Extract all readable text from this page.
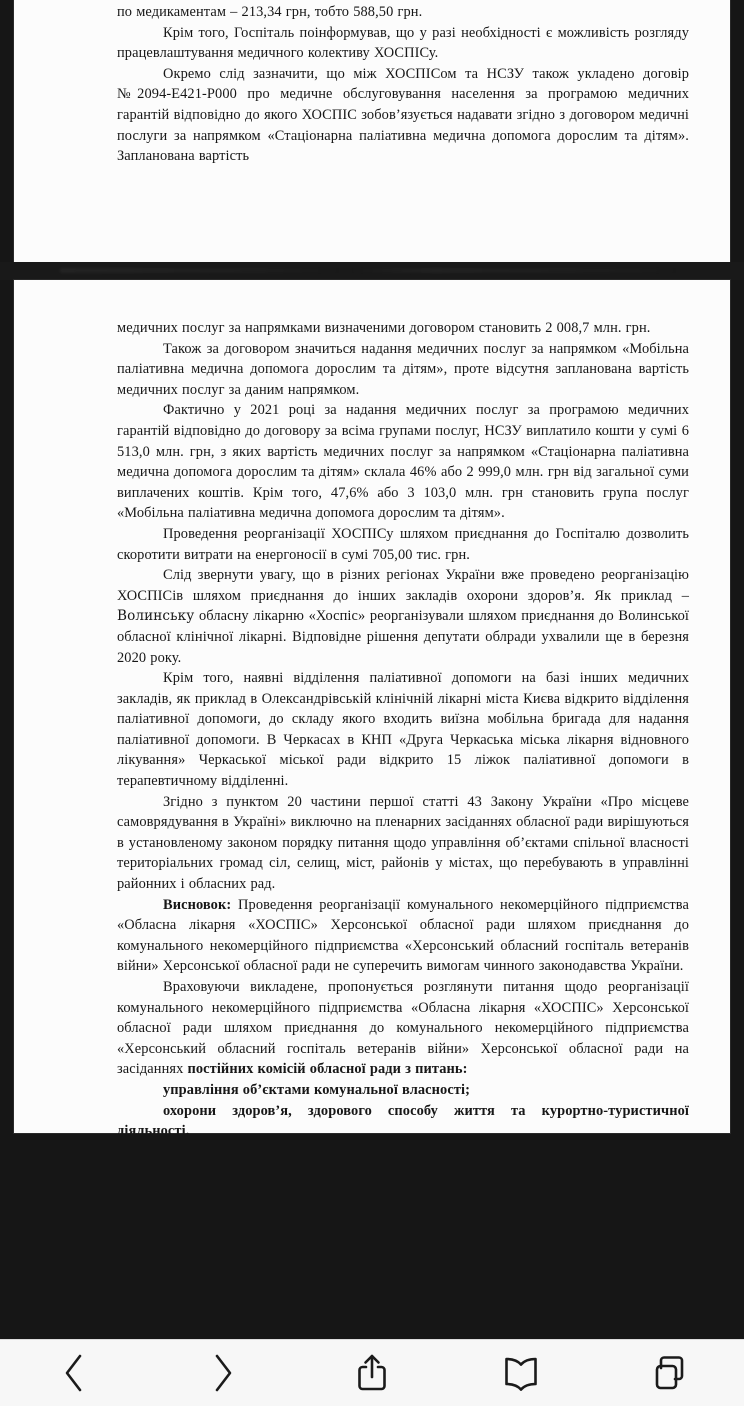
по медикаментам – 213,34 грн, тобто 588,50 грн.

Крім того, Госпіталь поінформував, що у разі необхідності є можливість розгляду працевлаштування медичного колективу ХОСПІСу.

Окремо слід зазначити, що між ХОСПІСом та НСЗУ також укладено договір №2094-E421-P000 про медичне обслуговування населення за програмою медичних гарантій відповідно до якого ХОСПІС зобов’язується надавати згідно з договором медичні послуги за напрямком «Стаціонарна паліативна медична допомога дорослим та дітям». Запланована вартість

медичних послуг за напрямками визначеними договором становить 2 008,7 млн. грн.

Також за договором значиться надання медичних послуг за напрямком «Мобільна паліативна медична допомога дорослим та дітям», проте відсутня запланована вартість медичних послуг за даним напрямком.

Фактично у 2021 році за надання медичних послуг за програмою медичних гарантій відповідно до договору за всіма групами послуг, НСЗУ виплатило кошти у сумі 6 513,0 млн. грн, з яких вартість медичних послуг за напрямком «Стаціонарна паліативна медична допомога дорослим та дітям» склала 46% або 2 999,0 млн. грн від загальної суми виплачених коштів. Крім того, 47,6% або 3 103,0 млн. грн становить група послуг «Мобільна паліативна медична допомога дорослим та дітям».

Проведення реорганізації ХОСПІСу шляхом приєднання до Госпіталю дозволить скоротити витрати на енергоносії в сумі 705,00 тис. грн.

Слід звернути увагу, що в різних регіонах України вже проведено реорганізацію ХОСПІСів шляхом приєднання до інших закладів охорони здоров’я. Як приклад – Волинську обласну лікарню «Хоспіс» реорганізували шляхом приєднання до Волинської обласної клінічної лікарні. Відповідне рішення депутати облради ухвалили ще в березня 2020 року.

Крім того, наявні відділення паліативної допомоги на базі інших медичних закладів, як приклад в Олександрівській клінічній лікарні міста Києва відкрито відділення паліативної допомоги, до складу якого входить виїзна мобільна бригада для надання паліативної допомоги. В Черкасах в КНП «Друга Черкаська міська лікарня відновного лікування» Черкаської міської ради відкрито 15 ліжок паліативної допомоги в терапевтичному відділенні.

Згідно з пунктом 20 частини першої статті 43 Закону України «Про місцеве самоврядування в Україні» виключно на пленарних засіданнях обласної ради вирішуються в установленому законом порядку питання щодо управління об’єктами спільної власності територіальних громад сіл, селищ, міст, районів у містах, що перебувають в управлінні районних і обласних рад.

Висновок: Проведення реорганізації комунального некомерційного підприємства «Обласна лікарня «ХОСПІС» Херсонської обласної ради шляхом приєднання до комунального некомерційного підприємства «Херсонський обласний госпіталь ветеранів війни» Херсонської обласної ради не суперечить вимогам чинного законодавства України.

Враховуючи викладене, пропонується розглянути питання щодо реорганізації комунального некомерційного підприємства «Обласна лікарня «ХОСПІС» Херсонської обласної ради шляхом приєднання до комунального некомерційного підприємства «Херсонський обласний госпіталь ветеранів війни» Херсонської обласної ради на засіданнях постійних комісій обласної ради з питань:

управління об’єктами комунальної власності;

охорони здоров’я, здорового способу життя та курортно-туристичної діяльності.
